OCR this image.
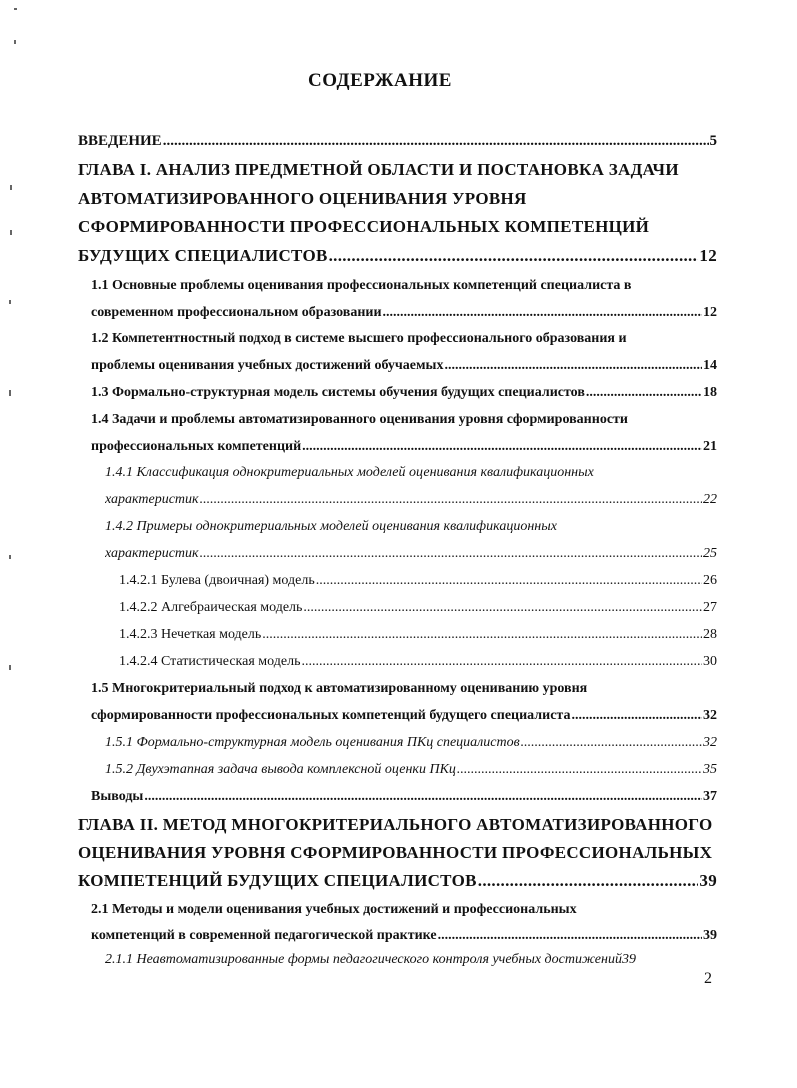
СОДЕРЖАНИЕ
ВВЕДЕНИЕ .....	5
ГЛАВА I. АНАЛИЗ ПРЕДМЕТНОЙ ОБЛАСТИ И ПОСТАНОВКА ЗАДАЧИ
АВТОМАТИЗИРОВАННОГО ОЦЕНИВАНИЯ УРОВНЯ
СФОРМИРОВАННОСТИ ПРОФЕССИОНАЛЬНЫХ КОМПЕТЕНЦИЙ
БУДУЩИХ СПЕЦИАЛИСТОВ .....	12
1.1 Основные проблемы оценивания профессиональных компетенций специалиста в
современном профессиональном образовании .....	12
1.2 Компетентностный подход в системе высшего профессионального образования и
проблемы оценивания учебных достижений обучаемых .....	14
1.3 Формально-структурная модель системы обучения будущих специалистов .....	18
1.4 Задачи и проблемы автоматизированного оценивания уровня сформированности
профессиональных компетенций .....	21
1.4.1 Классификация однокритериальных моделей оценивания квалификационных
характеристик .....	22
1.4.2 Примеры однокритериальных моделей оценивания квалификационных
характеристик .....	25
1.4.2.1 Булева (двоичная) модель .....	26
1.4.2.2 Алгебраическая модель .....	27
1.4.2.3 Нечеткая модель .....	28
1.4.2.4 Статистическая модель .....	30
1.5 Многокритериальный подход к автоматизированному оцениванию уровня
сформированности профессиональных компетенций будущего специалиста .....	32
1.5.1 Формально-структурная модель оценивания ПКц специалистов .....	32
1.5.2 Двухэтапная задача вывода комплексной оценки ПКц .....	35
Выводы .....	37
ГЛАВА II. МЕТОД МНОГОКРИТЕРИАЛЬНОГО АВТОМАТИЗИРОВАННОГО
ОЦЕНИВАНИЯ УРОВНЯ СФОРМИРОВАННОСТИ ПРОФЕССИОНАЛЬНЫХ
КОМПЕТЕНЦИЙ БУДУЩИХ СПЕЦИАЛИСТОВ .....	39
2.1 Методы и модели оценивания учебных достижений и профессиональных
компетенций в современной педагогической практике .....	39
2.1.1 Неавтоматизированные формы педагогического контроля учебных достижений 39
2
